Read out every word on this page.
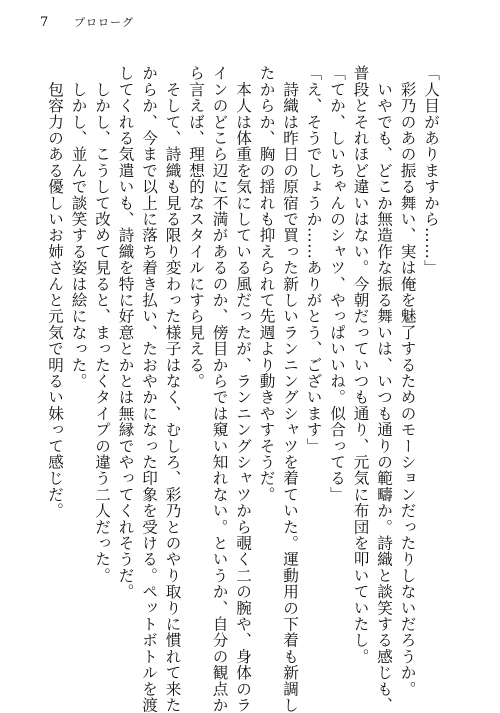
7 プロローグ
「人目がありますから……」
　彩乃のあの振る舞い、実は俺を魅了するためのモーションだったりしないだろうか。
　いやでも、どこか無造作な振る舞いは、いつも通りの範疇か。詩織と談笑する感じも、
普段とそれほど違いはない。今朝だっていつも通り、元気に布団を叩いていたし。
「てか、しいちゃんのシャツ、やっぱいいね。似合ってる」
「え、そうでしょうか……ありがとう、ございます」
　詩織は昨日の原宿で買った新しいランニングシャツを着ていた。運動用の下着も新調し
たからか、胸の揺れも抑えられて先週より動きやすそうだ。
　本人は体重を気にしている風だったが、ランニングシャツから覗く二の腕や、身体のラ
インのどこら辺に不満があるのか、傍目からでは窺い知れない。というか、自分の観点か
ら言えば、理想的なスタイルにすら見える。
　そして、詩織も見る限り変わった様子はなく、むしろ、彩乃とのやり取りに慣れて来た
からか、今まで以上に落ち着き払い、たおやかになった印象を受ける。ペットボトルを渡
してくれる気遣いも、詩織を特に好意とかとは無縁でやってくれそうだ。
　しかし、こうして改めて見ると、まったくタイプの違う二人だった。
　しかし、並んで談笑する姿は絵になった。
　包容力のある優しいお姉さんと元気で明るい妹って感じだ。
